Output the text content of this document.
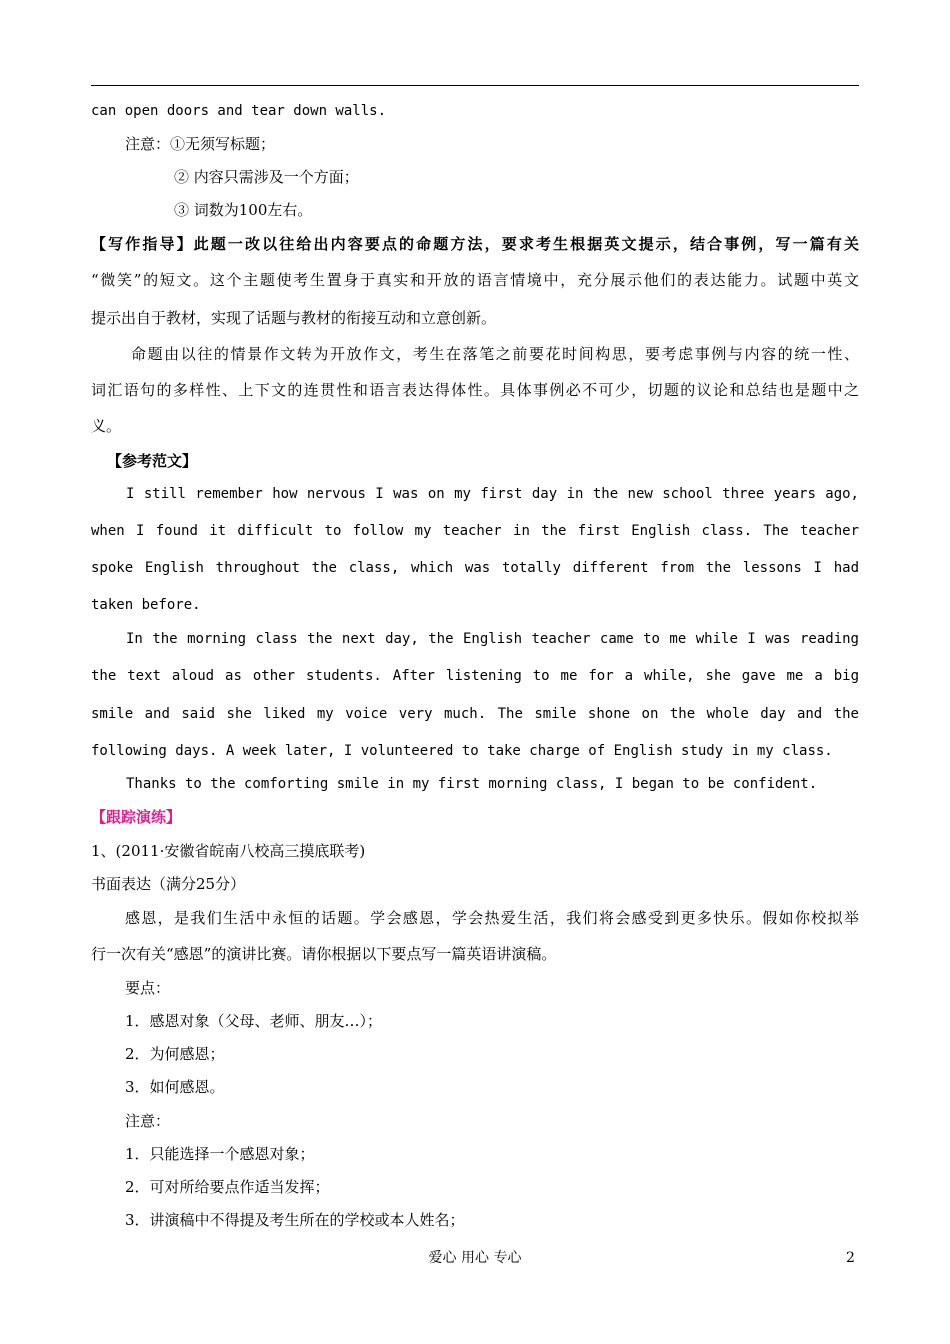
can open doors and tear down walls.
注意：①无须写标题；
② 内容只需涉及一个方面；
③ 词数为100左右。
【写作指导】此题一改以往给出内容要点的命题方法，要求考生根据英文提示，结合事例，写一篇有关
“微笑”的短文。这个主题使考生置身于真实和开放的语言情境中，充分展示他们的表达能力。试题中英文
提示出自于教材，实现了话题与教材的衔接互动和立意创新。
命题由以往的情景作文转为开放作文，考生在落笔之前要花时间构思，要考虑事例与内容的统一性、
词汇语句的多样性、上下文的连贯性和语言表达得体性。具体事例必不可少，切题的议论和总结也是题中之
义。
【参考范文】
I still remember how nervous I was on my first day in the new school three years ago,
when I found it difficult to follow my teacher in the first English class. The teacher
spoke English throughout the class, which was totally different from the lessons I had
taken before.
In the morning class the next day, the English teacher came to me while I was reading
the text aloud as other students. After listening to me for a while, she gave me a big
smile and said she liked my voice very much. The smile shone on the whole day and the
following days. A week later, I volunteered to take charge of English study in my class.
Thanks to the comforting smile in my first morning class, I began to be confident.
【跟踪演练】
1、(2011·安徽省皖南八校高三摸底联考)
书面表达（满分25分）
感恩，是我们生活中永恒的话题。学会感恩，学会热爱生活，我们将会感受到更多快乐。假如你校拟举
行一次有关“感恩”的演讲比赛。请你根据以下要点写一篇英语讲演稿。
要点：
1．感恩对象（父母、老师、朋友…）；
2．为何感恩；
3．如何感恩。
注意：
1．只能选择一个感恩对象；
2．可对所给要点作适当发挥；
3．讲演稿中不得提及考生所在的学校或本人姓名；
爱心 用心 专心	2
